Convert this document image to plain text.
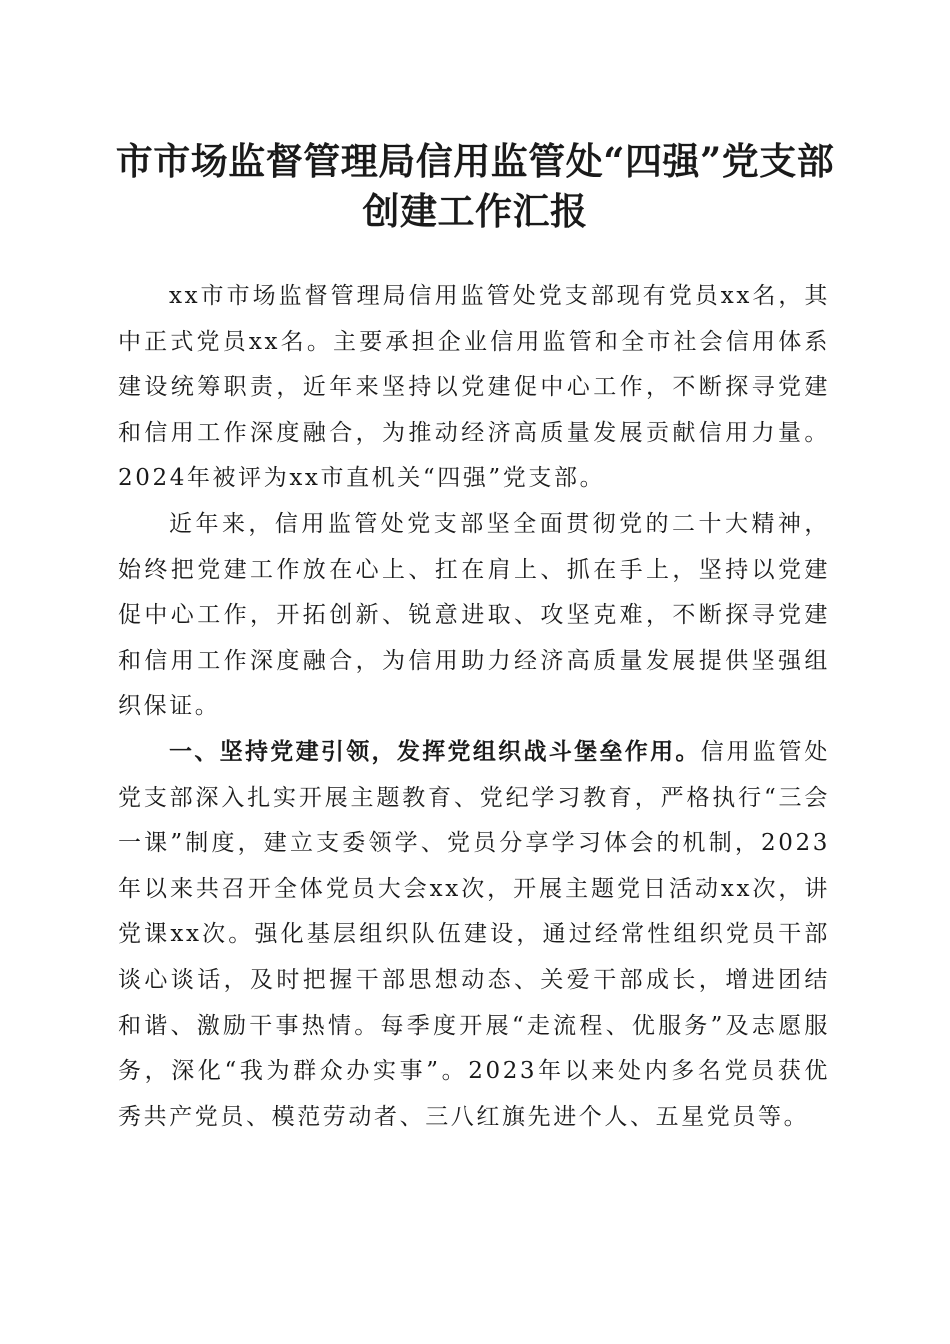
市市场监督管理局信用监管处“四强”党支部
创建工作汇报

xx市市场监督管理局信用监管处党支部现有党员xx名，其中正式党员xx名。主要承担企业信用监管和全市社会信用体系建设统筹职责，近年来坚持以党建促中心工作，不断探寻党建和信用工作深度融合，为推动经济高质量发展贡献信用力量。2024年被评为xx市直机关“四强”党支部。

近年来，信用监管处党支部坚全面贯彻党的二十大精神，始终把党建工作放在心上、扛在肩上、抓在手上，坚持以党建促中心工作，开拓创新、锐意进取、攻坚克难，不断探寻党建和信用工作深度融合，为信用助力经济高质量发展提供坚强组织保证。

一、坚持党建引领，发挥党组织战斗堡垒作用。信用监管处党支部深入扎实开展主题教育、党纪学习教育，严格执行“三会一课”制度，建立支委领学、党员分享学习体会的机制，2023年以来共召开全体党员大会xx次，开展主题党日活动xx次，讲党课xx次。强化基层组织队伍建设，通过经常性组织党员干部谈心谈话，及时把握干部思想动态、关爱干部成长，增进团结和谐、激励干事热情。每季度开展“走流程、优服务”及志愿服务，深化“我为群众办实事”。2023年以来处内多名党员获优秀共产党员、模范劳动者、三八红旗先进个人、五星党员等。
